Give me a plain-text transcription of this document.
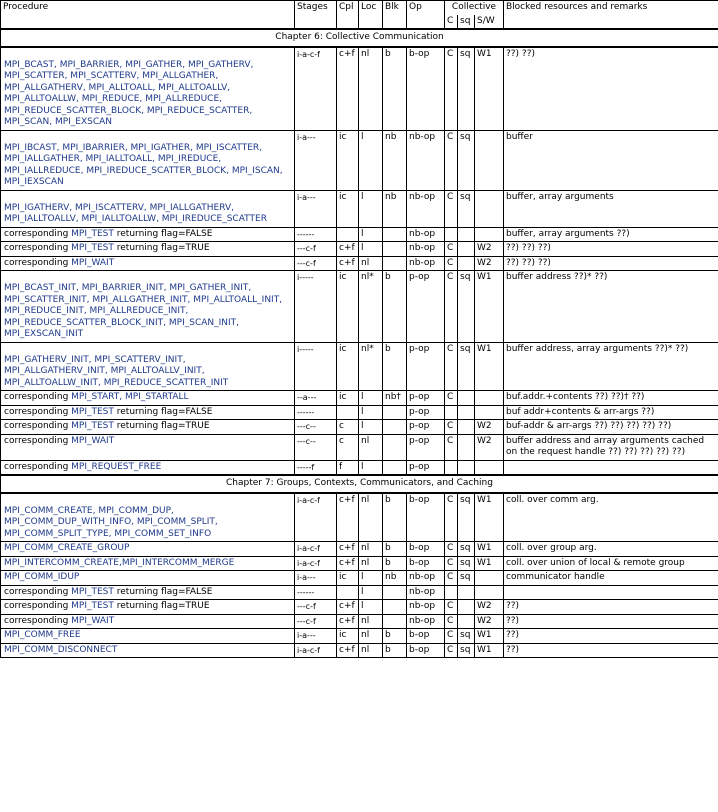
Procedure	Stages	Cpl	Loc	Blk	Op	Collective			Blocked resources and remarks
						C	sq	S/W	
Chapter 6: Collective Communication									
MPI_BCAST, MPI_BARRIER, MPI_GATHER, MPI_GATHERV, MPI_SCATTER, MPI_SCATTERV, MPI_ALLGATHER, MPI_ALLGATHERV, MPI_ALLTOALL, MPI_ALLTOALLV, MPI_ALLTOALLW, MPI_REDUCE, MPI_ALLREDUCE, MPI_REDUCE_SCATTER_BLOCK, MPI_REDUCE_SCATTER, MPI_SCAN, MPI_EXSCAN	i-a-c-f	c+f	nl	b	b-op	C	sq	W1	??) ??)
MPI_IBCAST, MPI_IBARRIER, MPI_IGATHER, MPI_ISCATTER, MPI_IALLGATHER, MPI_IALLTOALL, MPI_IREDUCE, MPI_IALLREDUCE, MPI_IREDUCE_SCATTER_BLOCK, MPI_ISCAN, MPI_IEXSCAN	i-a---	ic	l	nb	nb-op	C	sq		buffer
MPI_IGATHERV, MPI_ISCATTERV, MPI_IALLGATHERV, MPI_IALLTOALLV, MPI_IALLTOALLW, MPI_IREDUCE_SCATTER	i-a---	ic	l	nb	nb-op	C	sq		buffer, array arguments
corresponding MPI_TEST returning flag=FALSE	------		l		nb-op				buffer, array arguments ??)
corresponding MPI_TEST returning flag=TRUE	---c-f	c+f	l		nb-op	C		W2	??) ??) ??)
corresponding MPI_WAIT	---c-f	c+f	nl		nb-op	C		W2	??) ??) ??)
MPI_BCAST_INIT, MPI_BARRIER_INIT, MPI_GATHER_INIT, MPI_SCATTER_INIT, MPI_ALLGATHER_INIT, MPI_ALLTOALL_INIT, MPI_REDUCE_INIT, MPI_ALLREDUCE_INIT, MPI_REDUCE_SCATTER_BLOCK_INIT, MPI_SCAN_INIT, MPI_EXSCAN_INIT	i-----	ic	nl*	b	p-op	C	sq	W1	buffer address ??)* ??)
MPI_GATHERV_INIT, MPI_SCATTERV_INIT, MPI_ALLGATHERV_INIT, MPI_ALLTOALLV_INIT, MPI_ALLTOALLW_INIT, MPI_REDUCE_SCATTER_INIT	i-----	ic	nl*	b	p-op	C	sq	W1	buffer address, array arguments ??)* ??)
corresponding MPI_START, MPI_STARTALL	--a---	ic	l	nb†	p-op	C			buf.addr.+contents ??) ??)† ??)
corresponding MPI_TEST returning flag=FALSE	------		l		p-op				buf addr+contents & arr-args ??)
corresponding MPI_TEST returning flag=TRUE	---c--	c	l		p-op	C		W2	buf-addr & arr-args ??) ??) ??) ??) ??)
corresponding MPI_WAIT	---c--	c	nl		p-op	C		W2	buffer address and array arguments cached on the request handle ??) ??) ??) ??) ??)
corresponding MPI_REQUEST_FREE	-----f	f	l		p-op				
Chapter 7: Groups, Contexts, Communicators, and Caching									
MPI_COMM_CREATE, MPI_COMM_DUP, MPI_COMM_DUP_WITH_INFO, MPI_COMM_SPLIT, MPI_COMM_SPLIT_TYPE, MPI_COMM_SET_INFO	i-a-c-f	c+f	nl	b	b-op	C	sq	W1	coll. over comm arg.
MPI_COMM_CREATE_GROUP	i-a-c-f	c+f	nl	b	b-op	C	sq	W1	coll. over group arg.
MPI_INTERCOMM_CREATE,MPI_INTERCOMM_MERGE	i-a-c-f	c+f	nl	b	b-op	C	sq	W1	coll. over union of local & remote group
MPI_COMM_IDUP	i-a---	ic	l	nb	nb-op	C	sq		communicator handle
corresponding MPI_TEST returning flag=FALSE	------		l		nb-op				
corresponding MPI_TEST returning flag=TRUE	---c-f	c+f	l		nb-op	C		W2	??)
corresponding MPI_WAIT	---c-f	c+f	nl		nb-op	C		W2	??)
MPI_COMM_FREE	i-a---	ic	nl	b	b-op	C	sq	W1	??)
MPI_COMM_DISCONNECT	i-a-c-f	c+f	nl	b	b-op	C	sq	W1	??)
